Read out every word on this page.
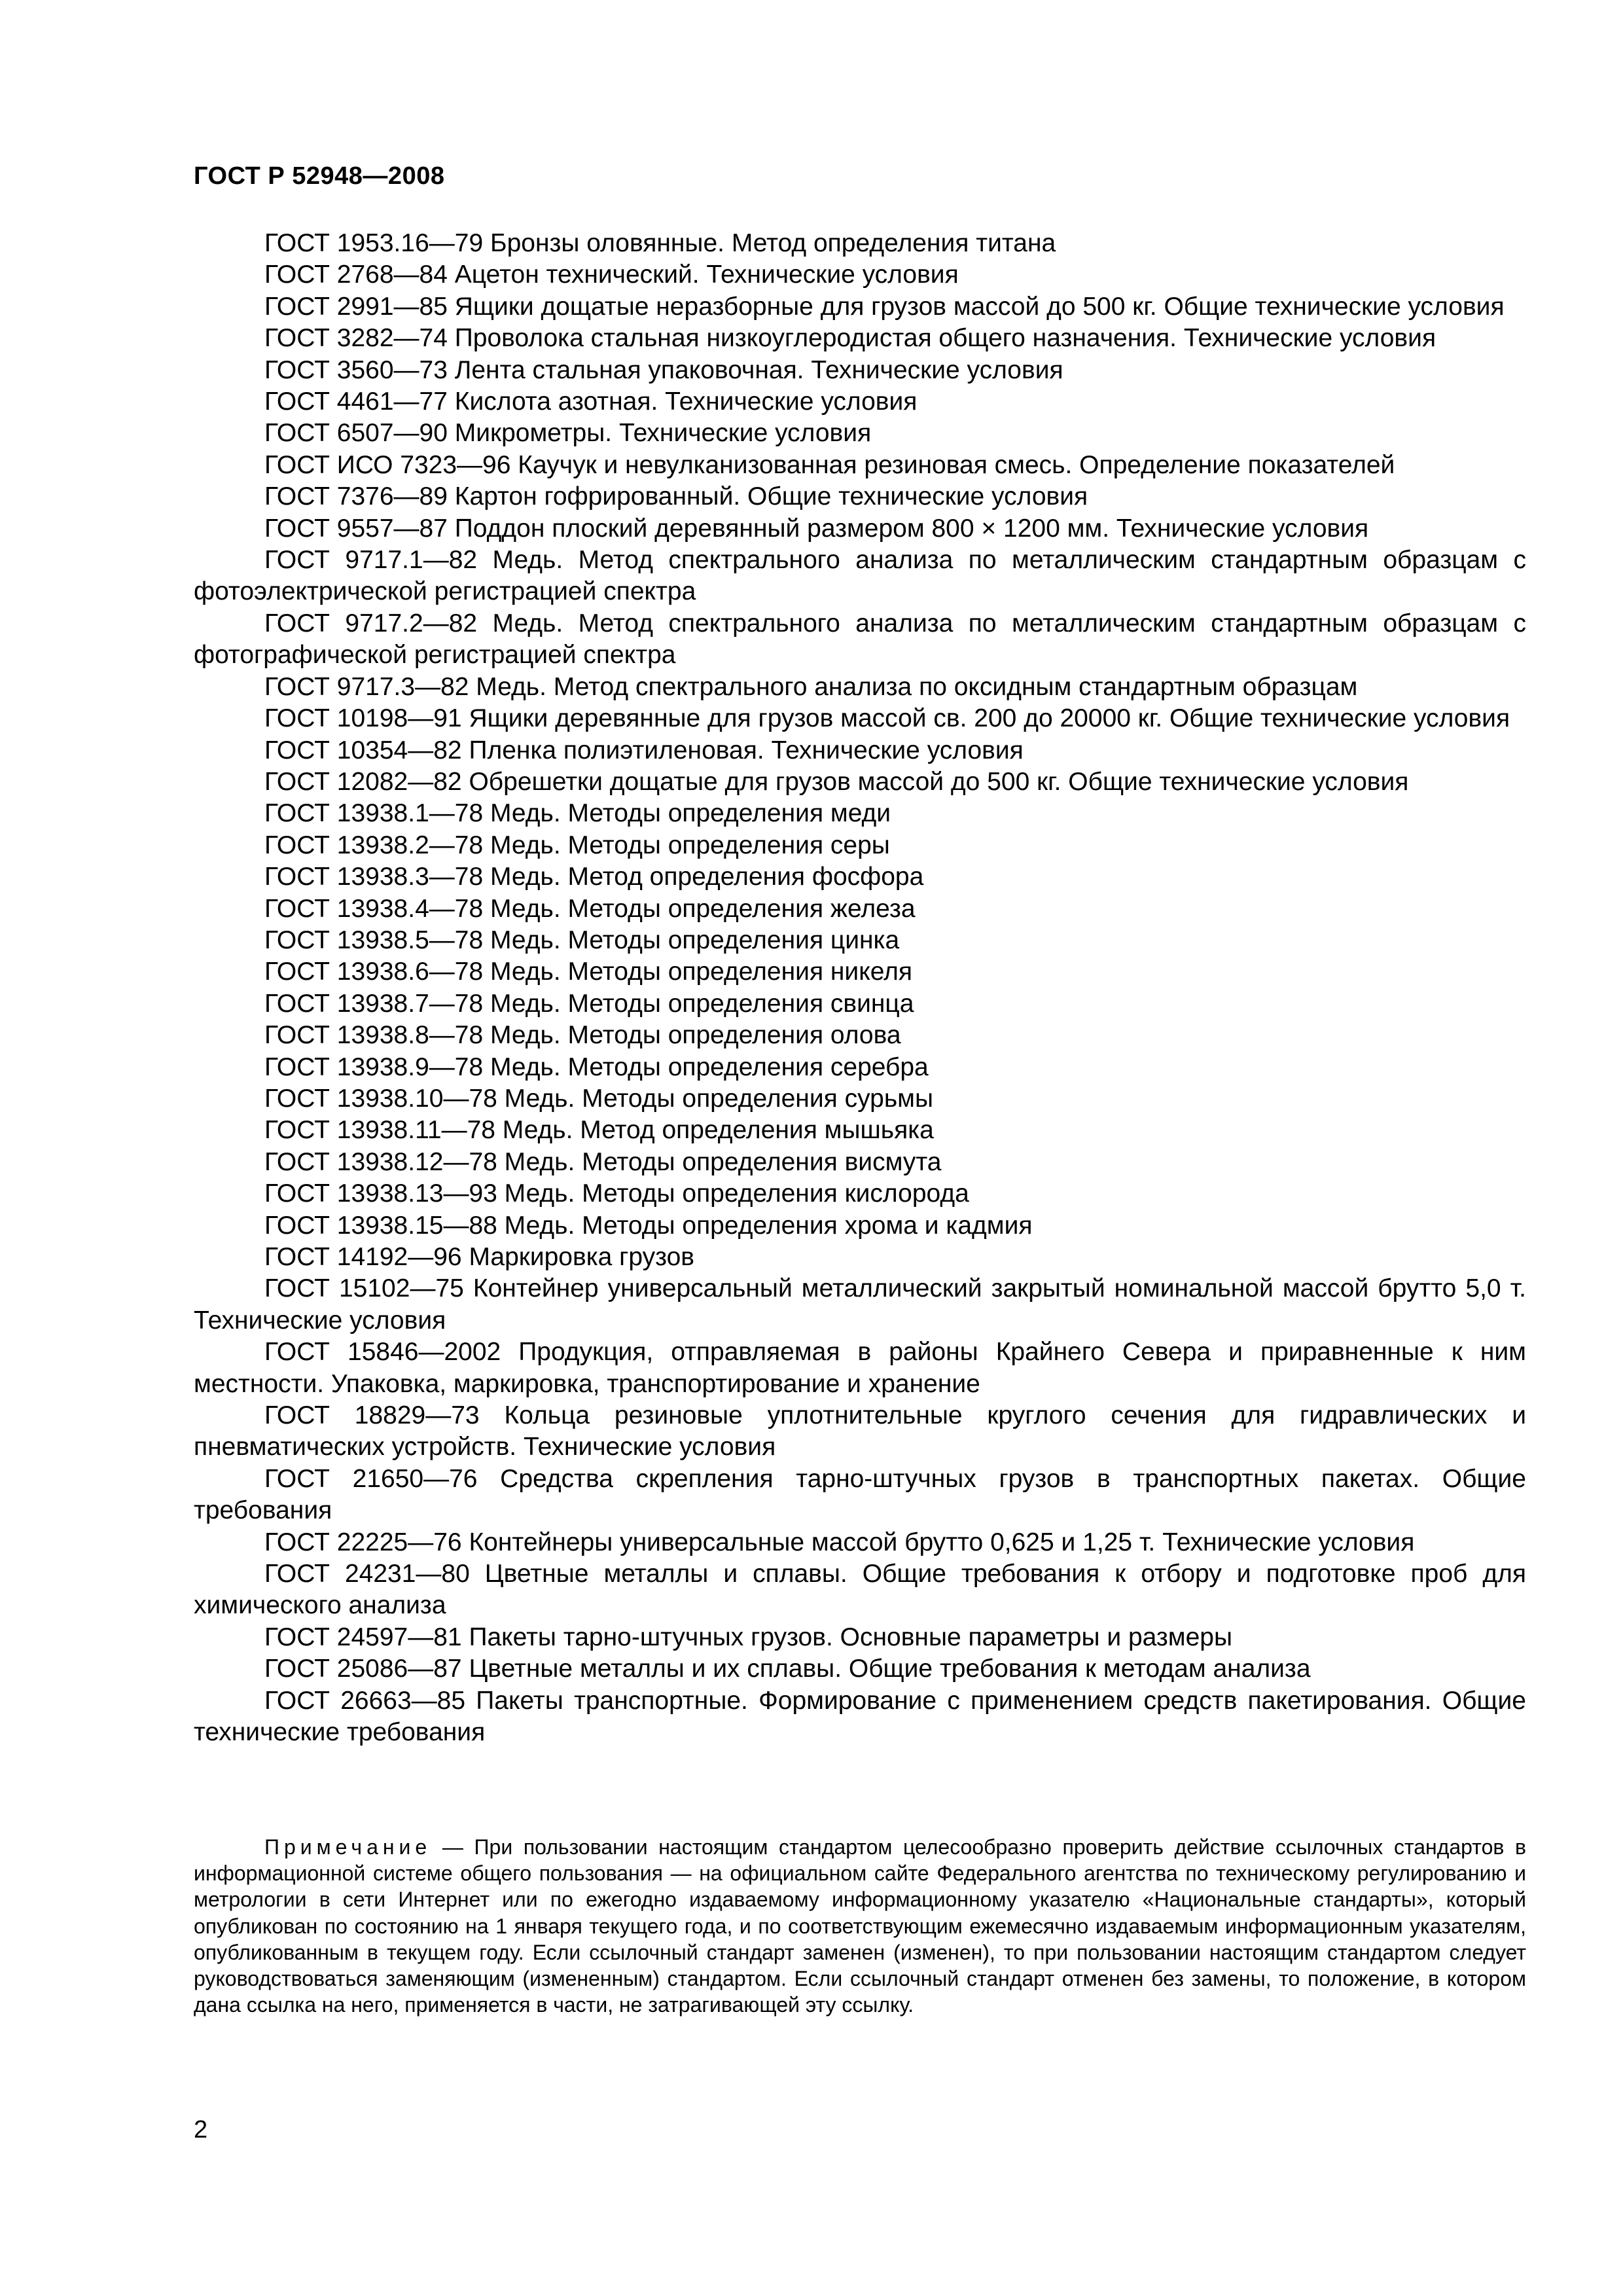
ГОСТ Р 52948—2008

ГОСТ 1953.16—79 Бронзы оловянные. Метод определения титана

ГОСТ 2768—84 Ацетон технический. Технические условия

ГОСТ 2991—85 Ящики дощатые неразборные для грузов массой до 500 кг. Общие технические условия

ГОСТ 3282—74 Проволока стальная низкоуглеродистая общего назначения. Технические условия

ГОСТ 3560—73 Лента стальная упаковочная. Технические условия

ГОСТ 4461—77 Кислота азотная. Технические условия

ГОСТ 6507—90 Микрометры. Технические условия

ГОСТ ИСО 7323—96 Каучук и невулканизованная резиновая смесь. Определение показателей

ГОСТ 7376—89 Картон гофрированный. Общие технические условия

ГОСТ 9557—87 Поддон плоский деревянный размером 800 × 1200 мм. Технические условия

ГОСТ 9717.1—82 Медь. Метод спектрального анализа по металлическим стандартным образцам с фотоэлектрической регистрацией спектра

ГОСТ 9717.2—82 Медь. Метод спектрального анализа по металлическим стандартным образцам с фотографической регистрацией спектра

ГОСТ 9717.3—82 Медь. Метод спектрального анализа по оксидным стандартным образцам

ГОСТ 10198—91 Ящики деревянные для грузов массой св. 200 до 20000 кг. Общие технические условия

ГОСТ 10354—82 Пленка полиэтиленовая. Технические условия

ГОСТ 12082—82 Обрешетки дощатые для грузов массой до 500 кг. Общие технические условия

ГОСТ 13938.1—78 Медь. Методы определения меди

ГОСТ 13938.2—78 Медь. Методы определения серы

ГОСТ 13938.3—78 Медь. Метод определения фосфора

ГОСТ 13938.4—78 Медь. Методы определения железа

ГОСТ 13938.5—78 Медь. Методы определения цинка

ГОСТ 13938.6—78 Медь. Методы определения никеля

ГОСТ 13938.7—78 Медь. Методы определения свинца

ГОСТ 13938.8—78 Медь. Методы определения олова

ГОСТ 13938.9—78 Медь. Методы определения серебра

ГОСТ 13938.10—78 Медь. Методы определения сурьмы

ГОСТ 13938.11—78 Медь. Метод определения мышьяка

ГОСТ 13938.12—78 Медь. Методы определения висмута

ГОСТ 13938.13—93 Медь. Методы определения кислорода

ГОСТ 13938.15—88 Медь. Методы определения хрома и кадмия

ГОСТ 14192—96 Маркировка грузов

ГОСТ 15102—75 Контейнер универсальный металлический закрытый номинальной массой брутто 5,0 т. Технические условия

ГОСТ 15846—2002 Продукция, отправляемая в районы Крайнего Севера и приравненные к ним местности. Упаковка, маркировка, транспортирование и хранение

ГОСТ 18829—73 Кольца резиновые уплотнительные круглого сечения для гидравлических и пневматических устройств. Технические условия

ГОСТ 21650—76 Средства скрепления тарно-штучных грузов в транспортных пакетах. Общие требования

ГОСТ 22225—76 Контейнеры универсальные массой брутто 0,625 и 1,25 т. Технические условия

ГОСТ 24231—80 Цветные металлы и сплавы. Общие требования к отбору и подготовке проб для химического анализа

ГОСТ 24597—81 Пакеты тарно-штучных грузов. Основные параметры и размеры

ГОСТ 25086—87 Цветные металлы и их сплавы. Общие требования к методам анализа

ГОСТ 26663—85 Пакеты транспортные. Формирование с применением средств пакетирования. Общие технические требования

Примечание — При пользовании настоящим стандартом целесообразно проверить действие ссылочных стандартов в информационной системе общего пользования — на официальном сайте Федерального агентства по техническому регулированию и метрологии в сети Интернет или по ежегодно издаваемому информационному указателю «Национальные стандарты», который опубликован по состоянию на 1 января текущего года, и по соответствующим ежемесячно издаваемым информационным указателям, опубликованным в текущем году. Если ссылочный стандарт заменен (изменен), то при пользовании настоящим стандартом следует руководствоваться заменяющим (измененным) стандартом. Если ссылочный стандарт отменен без замены, то положение, в котором дана ссылка на него, применяется в части, не затрагивающей эту ссылку.
2
